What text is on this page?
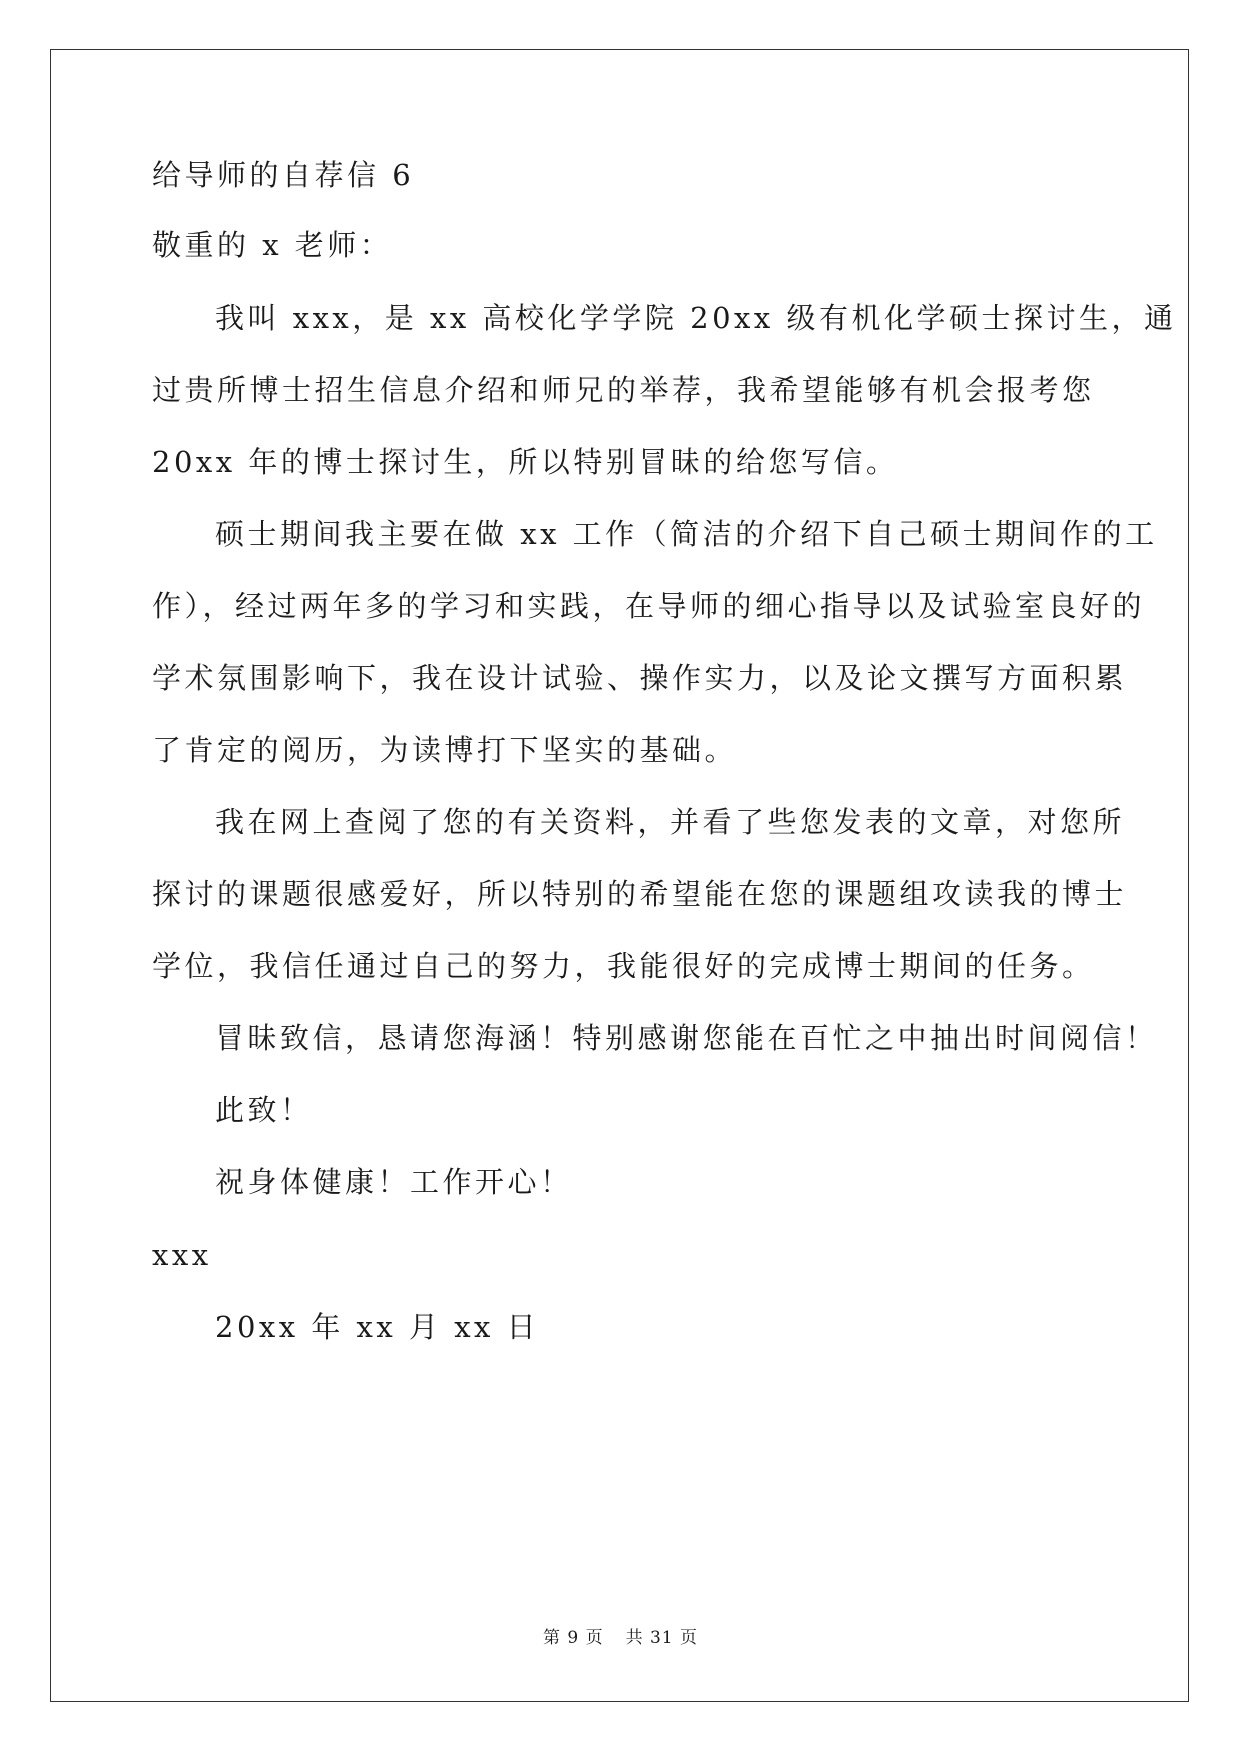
给导师的自荐信 6
敬重的 x 老师：
我叫 xxx，是 xx 高校化学学院 20xx 级有机化学硕士探讨生，通
过贵所博士招生信息介绍和师兄的举荐，我希望能够有机会报考您
20xx 年的博士探讨生，所以特别冒昧的给您写信。
硕士期间我主要在做 xx 工作（简洁的介绍下自己硕士期间作的工
作），经过两年多的学习和实践，在导师的细心指导以及试验室良好的
学术氛围影响下，我在设计试验、操作实力，以及论文撰写方面积累
了肯定的阅历，为读博打下坚实的基础。
我在网上查阅了您的有关资料，并看了些您发表的文章，对您所
探讨的课题很感爱好，所以特别的希望能在您的课题组攻读我的博士
学位，我信任通过自己的努力，我能很好的完成博士期间的任务。
冒昧致信，恳请您海涵！特别感谢您能在百忙之中抽出时间阅信！
此致！
祝身体健康！工作开心！
xxx
20xx 年 xx 月 xx 日
第 9 页 共 31 页
